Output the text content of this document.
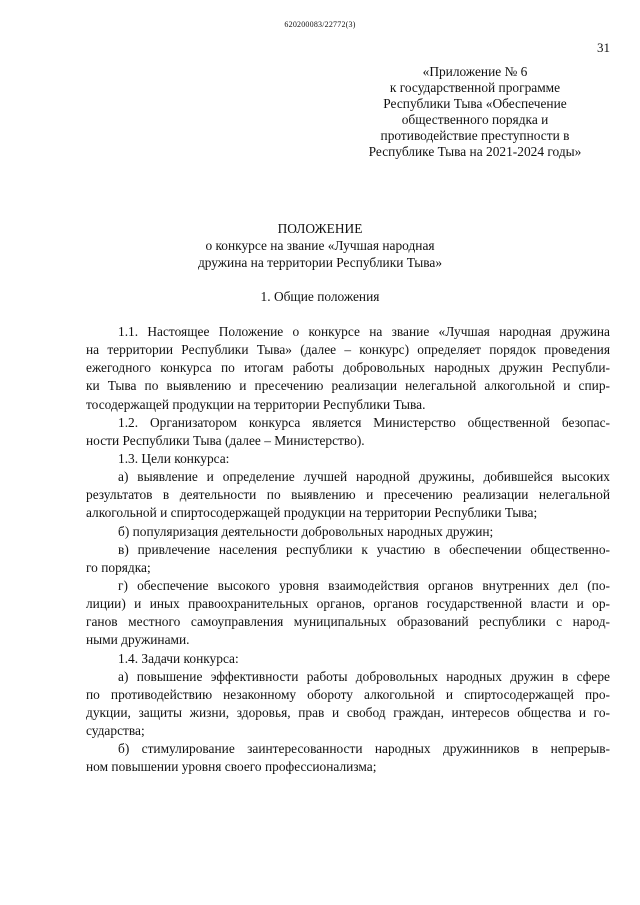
620200083/22772(3)
31
«Приложение № 6
к государственной программе
Республики Тыва «Обеспечение
общественного порядка и
противодействие преступности в
Республике Тыва на 2021-2024 годы»
ПОЛОЖЕНИЕ
о конкурсе на звание «Лучшая народная
дружина на территории Республики Тыва»
1. Общие положения
1.1. Настоящее Положение о конкурсе на звание «Лучшая народная дружина
на территории Республики Тыва» (далее – конкурс) определяет порядок проведения
ежегодного конкурса по итогам работы добровольных народных дружин Республи-
ки Тыва по выявлению и пресечению реализации нелегальной алкогольной и спир-
тосодержащей продукции на территории Республики Тыва.
1.2. Организатором конкурса является Министерство общественной безопас-
ности Республики Тыва (далее – Министерство).
1.3. Цели конкурса:
а) выявление и определение лучшей народной дружины, добившейся высоких
результатов в деятельности по выявлению и пресечению реализации нелегальной
алкогольной и спиртосодержащей продукции на территории Республики Тыва;
б) популяризация деятельности добровольных народных дружин;
в) привлечение населения республики к участию в обеспечении общественно-
го порядка;
г) обеспечение высокого уровня взаимодействия органов внутренних дел (по-
лиции) и иных правоохранительных органов, органов государственной власти и ор-
ганов местного самоуправления муниципальных образований республики с народ-
ными дружинами.
1.4. Задачи конкурса:
а) повышение эффективности работы добровольных народных дружин в сфере
по противодействию незаконному обороту алкогольной и спиртосодержащей про-
дукции, защиты жизни, здоровья, прав и свобод граждан, интересов общества и го-
сударства;
б) стимулирование заинтересованности народных дружинников в непрерыв-
ном повышении уровня своего профессионализма;
